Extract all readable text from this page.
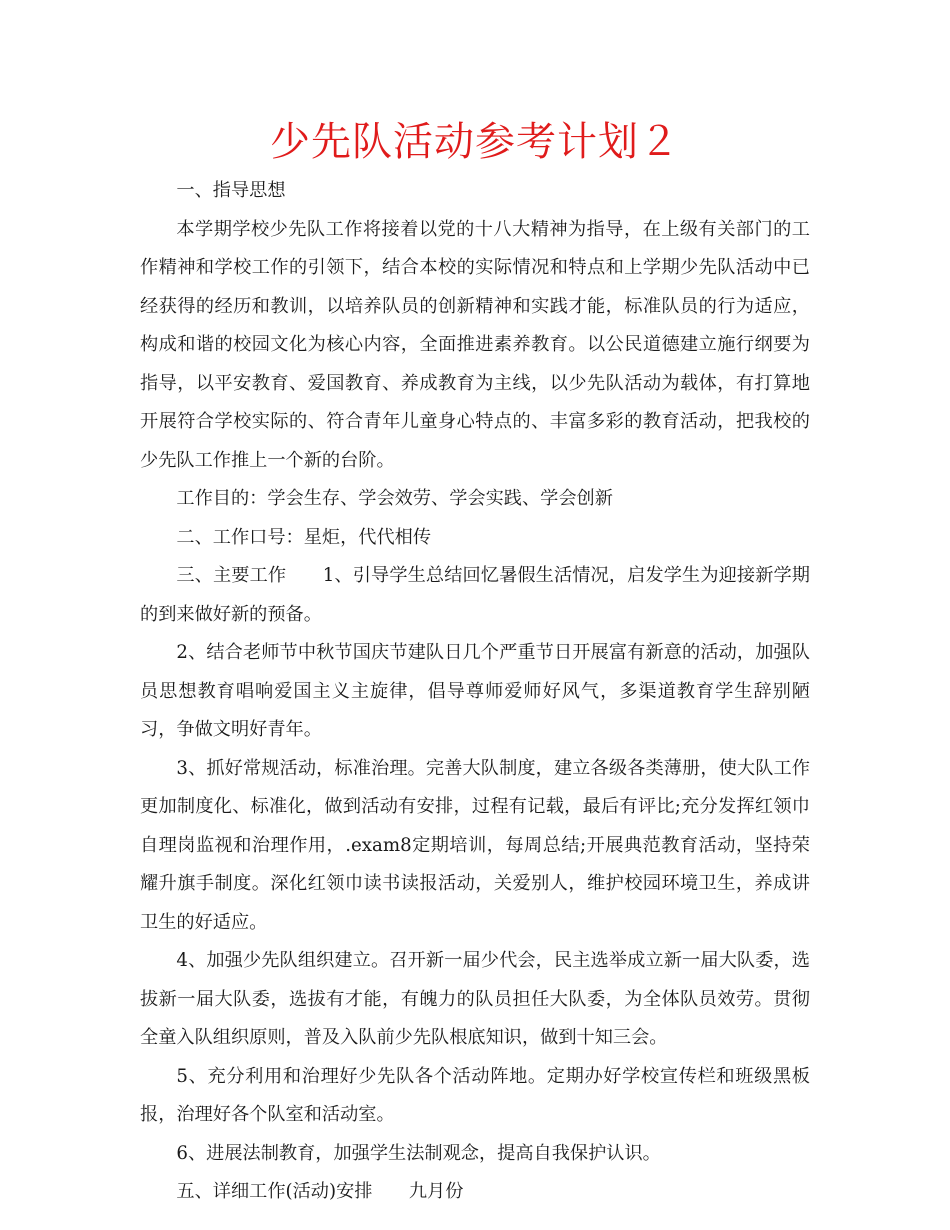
少先队活动参考计划２

一、指导思想

本学期学校少先队工作将接着以党的十八大精神为指导，在上级有关部门的工作精神和学校工作的引领下，结合本校的实际情况和特点和上学期少先队活动中已经获得的经历和教训，以培养队员的创新精神和实践才能，标准队员的行为适应，构成和谐的校园文化为核心内容，全面推进素养教育。以公民道德建立施行纲要为指导，以平安教育、爱国教育、养成教育为主线，以少先队活动为载体，有打算地开展符合学校实际的、符合青年儿童身心特点的、丰富多彩的教育活动，把我校的少先队工作推上一个新的台阶。

工作目的：学会生存、学会效劳、学会实践、学会创新

二、工作口号：星炬，代代相传

三、主要工作　　1、引导学生总结回忆暑假生活情况，启发学生为迎接新学期的到来做好新的预备。

2、结合老师节中秋节国庆节建队日几个严重节日开展富有新意的活动，加强队员思想教育唱响爱国主义主旋律，倡导尊师爱师好风气，多渠道教育学生辞别陋习，争做文明好青年。

3、抓好常规活动，标准治理。完善大队制度，建立各级各类薄册，使大队工作更加制度化、标准化，做到活动有安排，过程有记载，最后有评比;充分发挥红领巾自理岗监视和治理作用，.exam8定期培训，每周总结;开展典范教育活动，坚持荣耀升旗手制度。深化红领巾读书读报活动，关爱别人，维护校园环境卫生，养成讲卫生的好适应。

4、加强少先队组织建立。召开新一届少代会，民主选举成立新一届大队委，选拔新一届大队委，选拔有才能，有魄力的队员担任大队委，为全体队员效劳。贯彻全童入队组织原则，普及入队前少先队根底知识，做到十知三会。

5、充分利用和治理好少先队各个活动阵地。定期办好学校宣传栏和班级黑板报，治理好各个队室和活动室。

6、进展法制教育，加强学生法制观念，提高自我保护认识。

五、详细工作(活动)安排　　九月份
